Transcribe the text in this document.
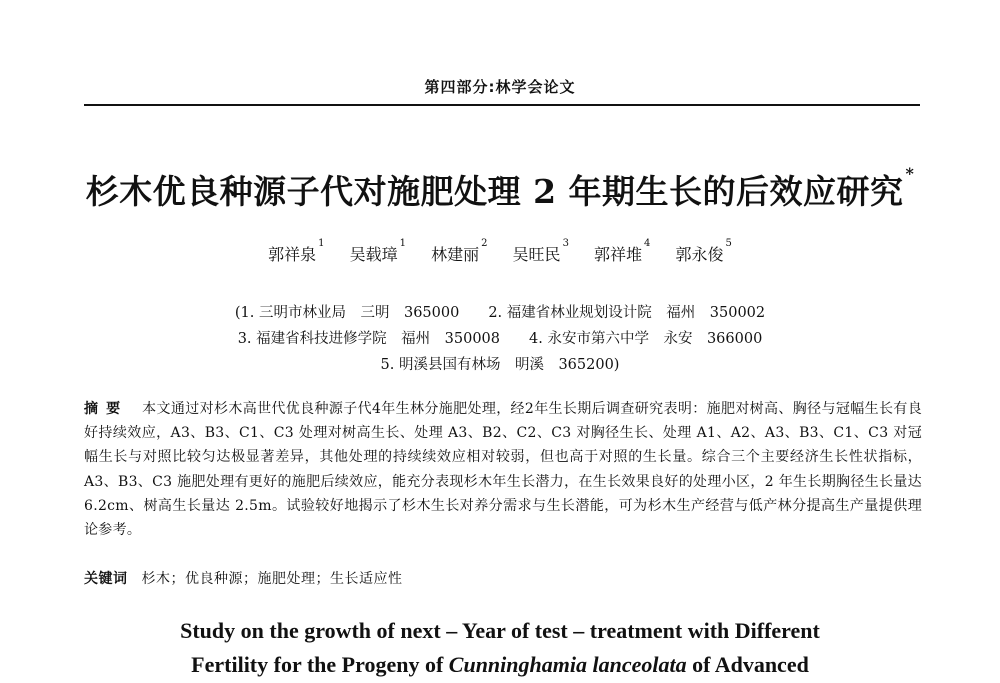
第四部分:林学会论文
杉木优良种源子代对施肥处理 2 年期生长的后效应研究 *
郭祥泉$^1$ 吴载璋$^1$ 林建丽$^2$ 吴旺民$^3$ 郭祥堆$^4$ 郭永俊$^5$
(1. 三明市林业局　三明　365000　　2. 福建省林业规划设计院　福州　350002
3. 福建省科技进修学院　福州　350008　　4. 永安市第六中学　永安　366000
5. 明溪县国有林场　明溪　365200)
摘要 本文通过对杉木高世代优良种源子代4年生林分施肥处理，经2年生长期后调查研究表明：施肥对树高、胸径与冠幅生长有良好持续效应，A3、B3、C1、C3 处理对树高生长、处理 A3、B2、C2、C3 对胸径生长、处理 A1、A2、A3、B3、C1、C3 对冠幅生长与对照比较匀达极显著差异，其他处理的持续续效应相对较弱，但也高于对照的生长量。综合三个主要经济生长性状指标，A3、B3、C3 施肥处理有更好的施肥后续效应，能充分表现杉木年生长潜力，在生长效果良好的处理小区，2 年生长期胸径生长量达 6.2cm、树高生长量达 2.5m。试验较好地揭示了杉木生长对养分需求与生长潜能，可为杉木生产经营与低产林分提高生产量提供理论参考。
关键词 杉木；优良种源；施肥处理；生长适应性
Study on the growth of next – Year of test – treatment with Different
Fertility for the Progeny of Cunninghamia lanceolata of Advanced
